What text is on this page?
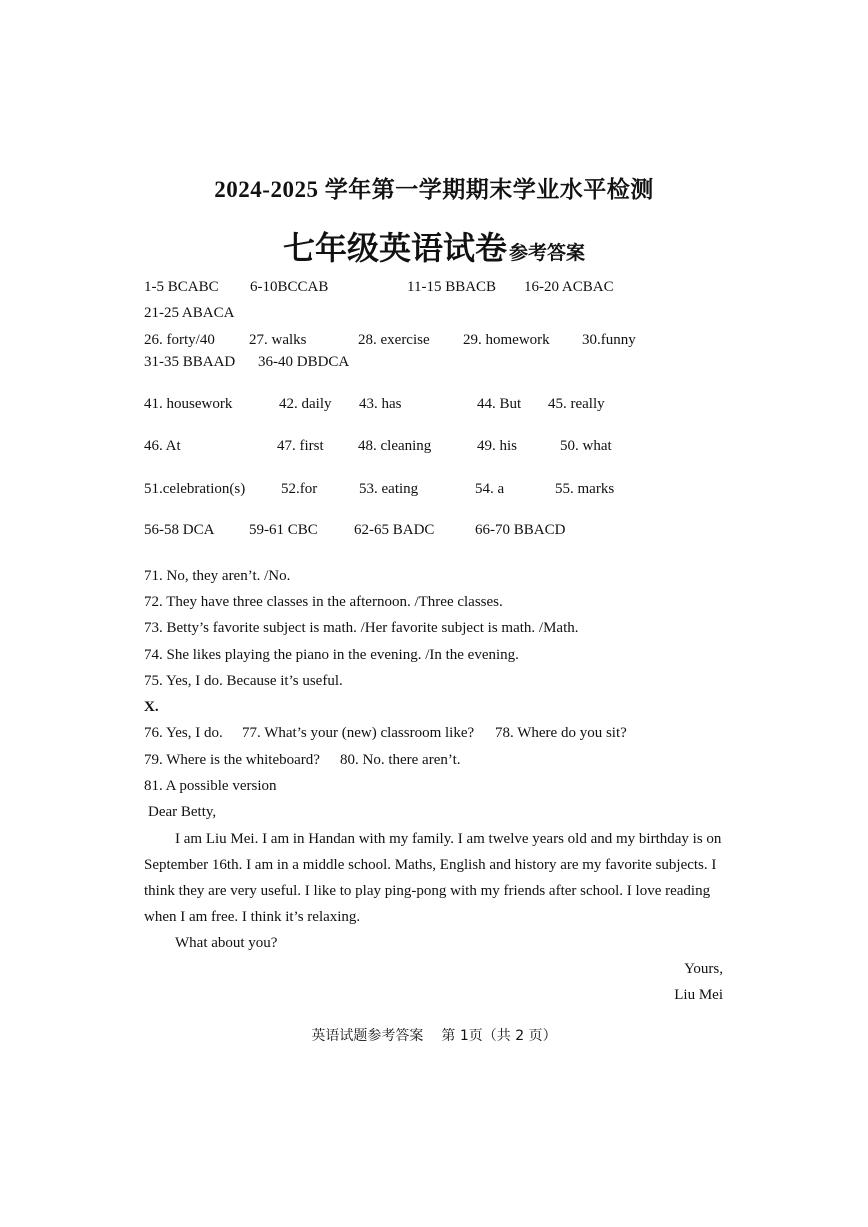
2024-2025 学年第一学期期末学业水平检测
七年级英语试卷 参考答案
1-5 BCABC 6-10BCCAB	11-15 BBACB 16-20 ACBAC
21-25 ABACA
26. forty/40 27. walks	28. exercise 29. homework 30.funny
31-35 BBAAD 36-40 DBDCA
41. housework	42. daily 43. has	44. But 45. really
46. At	47. first 48. cleaning	49. his	50. what
51.celebration(s) 52.for	53. eating	54. a	55. marks
56-58 DCA 59-61 CBC 62-65 BADC	66-70 BBACD
71. No, they aren’t. /No.
72. They have three classes in the afternoon. /Three classes.
73. Betty’s favorite subject is math. /Her favorite subject is math. /Math.
74. She likes playing the piano in the evening. /In the evening.
75. Yes, I do. Because it’s useful.
X.
76. Yes, I do. 77. What’s your (new) classroom like? 78. Where do you sit?
79. Where is the whiteboard? 80. No. there aren’t.
81. A possible version
Dear Betty,
I am Liu Mei. I am in Handan with my family. I am twelve years old and my birthday is on September 16th. I am in a middle school. Maths, English and history are my favorite subjects. I think they are very useful. I like to play ping-pong with my friends after school. I love reading when I am free. I think it’s relaxing.
What about you?
Yours,
Liu Mei
英语试题参考答案 第 1页（共 2 页）
